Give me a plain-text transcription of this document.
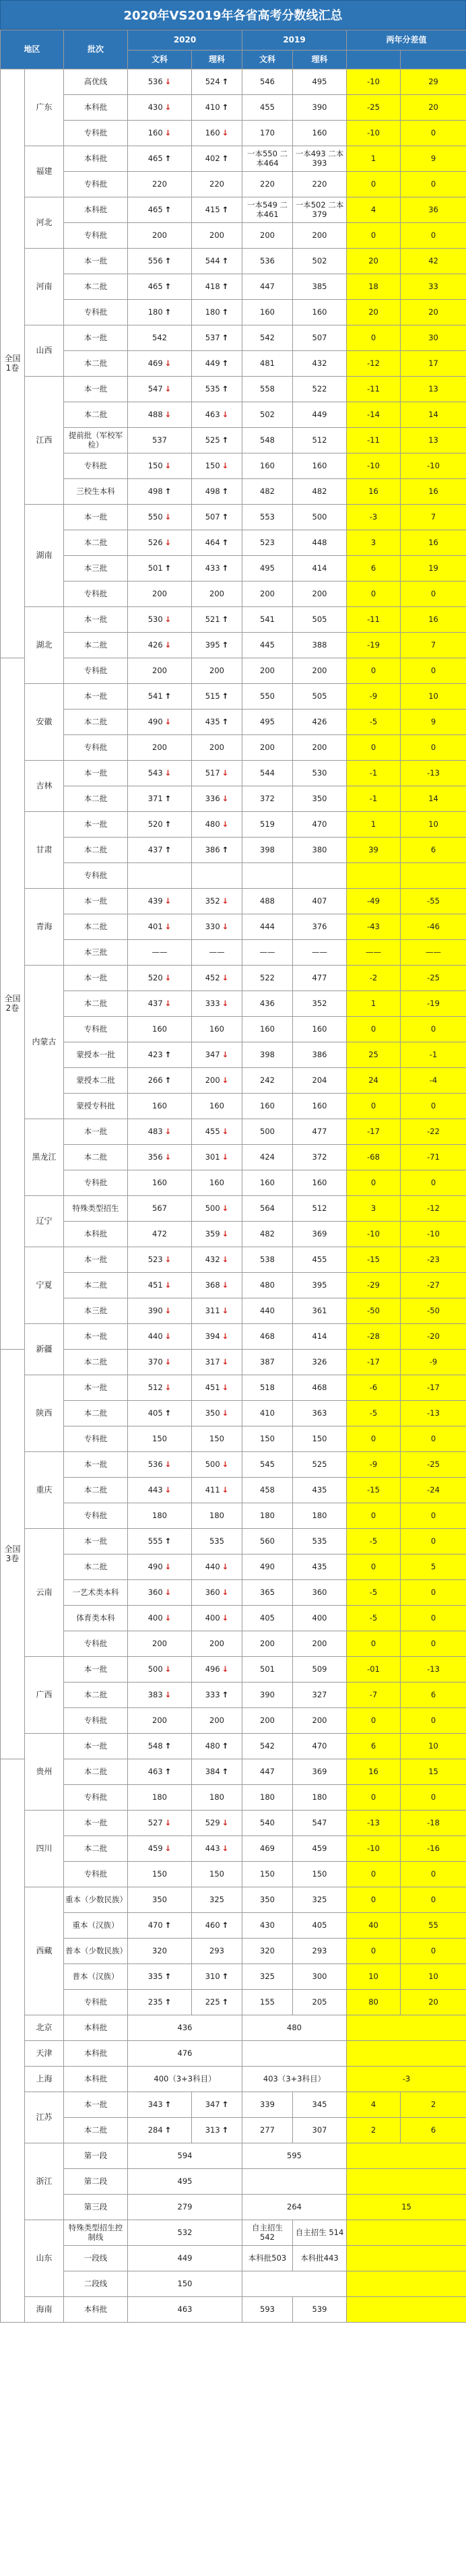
2020年VS2019年各省高考分数线汇总
地区		批次	2020		2019		两年分差值	
			文科	理科	文科	理科		
全国1卷	广东	高优线	536 ↓	524 ↑	546	495	-10	29
		本科批	430 ↓	410 ↑	455	390	-25	20
		专科批	160 ↓	160 ↓	170	160	-10	0
	福建	本科批	465 ↑	402 ↑	一本550 二本464	一本493 二本393	1	9
		专科批	220	220	220	220	0	0
	河北	本科批	465 ↑	415 ↑	一本549 二本461	一本502 二本379	4	36
		专科批	200	200	200	200	0	0
	河南	本一批	556 ↑	544 ↑	536	502	20	42
		本二批	465 ↑	418 ↑	447	385	18	33
		专科批	180 ↑	180 ↑	160	160	20	20
	山西	本一批	542	537 ↑	542	507	0	30
		本二批	469 ↓	449 ↑	481	432	-12	17
	江西	本一批	547 ↓	535 ↑	558	522	-11	13
		本二批	488 ↓	463 ↓	502	449	-14	14
		提前批（军校军检）	537	525 ↑	548	512	-11	13
		专科批	150 ↓	150 ↓	160	160	-10	-10
		三校生本科	498 ↑	498 ↑	482	482	16	16
	湖南	本一批	550 ↓	507 ↑	553	500	-3	7
		本二批	526 ↓	464 ↑	523	448	3	16
		本三批	501 ↑	433 ↑	495	414	6	19
		专科批	200	200	200	200	0	0
	湖北	本一批	530 ↓	521 ↑	541	505	-11	16
		本二批	426 ↓	395 ↑	445	388	-19	7
全国2卷		专科批	200	200	200	200	0	0
	安徽	本一批	541 ↑	515 ↑	550	505	-9	10
		本二批	490 ↓	435 ↑	495	426	-5	9
		专科批	200	200	200	200	0	0
	吉林	本一批	543 ↓	517 ↓	544	530	-1	-13
		本二批	371 ↑	336 ↓	372	350	-1	14
	甘肃	本一批	520 ↑	480 ↓	519	470	1	10
		本二批	437 ↑	386 ↑	398	380	39	6
		专科批						
	青海	本一批	439 ↓	352 ↓	488	407	-49	-55
		本二批	401 ↓	330 ↓	444	376	-43	-46
		本三批	——	——	——	——	——	——
	内蒙古	本一批	520 ↓	452 ↓	522	477	-2	-25
		本二批	437 ↓	333 ↓	436	352	1	-19
		专科批	160	160	160	160	0	0
		蒙授本一批	423 ↑	347 ↓	398	386	25	-1
		蒙授本二批	266 ↑	200 ↓	242	204	24	-4
		蒙授专科批	160	160	160	160	0	0
	黑龙江	本一批	483 ↓	455 ↓	500	477	-17	-22
		本二批	356 ↓	301 ↓	424	372	-68	-71
		专科批	160	160	160	160	0	0
	辽宁	特殊类型招生	567	500 ↓	564	512	3	-12
		本科批	472	359 ↓	482	369	-10	-10
	宁夏	本一批	523 ↓	432 ↓	538	455	-15	-23
		本二批	451 ↓	368 ↓	480	395	-29	-27
		本三批	390 ↓	311 ↓	440	361	-50	-50
	新疆	本一批	440 ↓	394 ↓	468	414	-28	-20
全国3卷		本二批	370 ↓	317 ↓	387	326	-17	-9
	陕西	本一批	512 ↓	451 ↓	518	468	-6	-17
		本二批	405 ↑	350 ↓	410	363	-5	-13
		专科批	150	150	150	150	0	0
	重庆	本一批	536 ↓	500 ↓	545	525	-9	-25
		本二批	443 ↓	411 ↓	458	435	-15	-24
		专科批	180	180	180	180	0	0
	云南	本一批	555 ↑	535	560	535	-5	0
		本二批	490 ↓	440 ↓	490	435	0	5
		一艺术类本科	360 ↓	360 ↓	365	360	-5	0
		体育类本科	400 ↓	400 ↓	405	400	-5	0
		专科批	200	200	200	200	0	0
	广西	本一批	500 ↓	496 ↓	501	509	-01	-13
		本二批	383 ↓	333 ↑	390	327	-7	6
		专科批	200	200	200	200	0	0
	贵州	本一批	548 ↑	480 ↑	542	470	6	10
		本二批	463 ↑	384 ↑	447	369	16	15
		专科批	180	180	180	180	0	0
	四川	本一批	527 ↓	529 ↓	540	547	-13	-18
		本二批	459 ↓	443 ↓	469	459	-10	-16
		专科批	150	150	150	150	0	0
	西藏	重本（少数民族）	350	325	350	325	0	0
		重本（汉族）	470 ↑	460 ↑	430	405	40	55
		普本（少数民族）	320	293	320	293	0	0
		普本（汉族）	335 ↑	310 ↑	325	300	10	10
		专科批	235 ↑	225 ↑	155	205	80	20
	北京	本科批	436		480			
	天津	本科批	476					
	上海	本科批	400（3+3科目）		403（3+3科目）		-3	
	江苏	本一批	343 ↑	347 ↑	339	345	4	2
		本二批	284 ↑	313 ↑	277	307	2	6
	浙江	第一段	594		595			
		第二段	495					
		第三段	279		264		15	
	山东	特殊类型招生控制线	532		自主招生 542	自主招生 514		
		一段线	449		本科批503	本科批443		
		二段线	150					
	海南	本科批	463		593	539		
